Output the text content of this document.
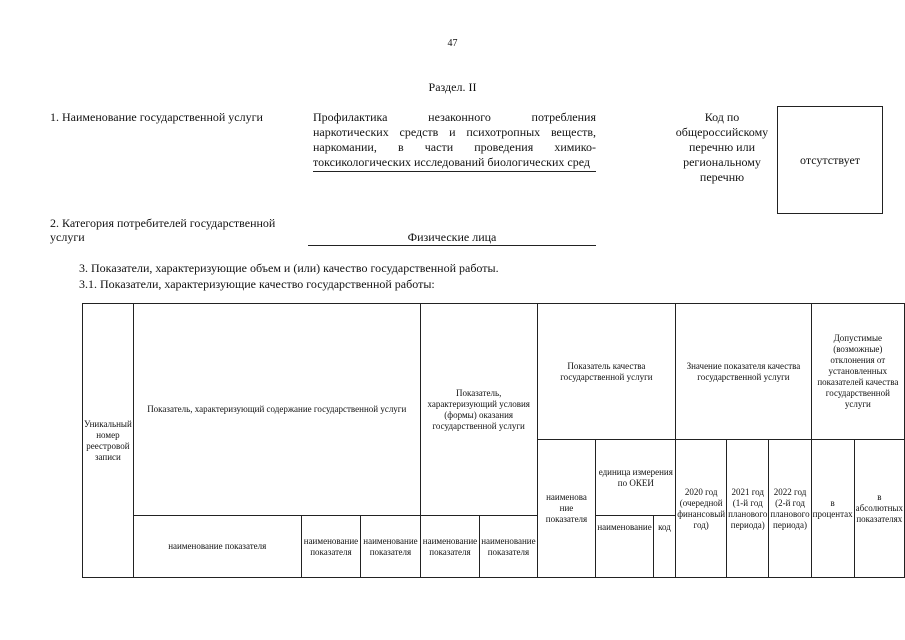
47
Раздел. II
1. Наименование государственной услуги	Профилактика незаконного потребления наркотических средств и психотропных веществ, наркомании, в части проведения химико-токсикологических исследований биологических сред
Код по общероссийскому перечню или региональному перечню
отсутствует
2. Категория потребителей государственной услуги	Физические лица
3. Показатели, характеризующие объем и (или) качество государственной работы.
3.1. Показатели, характеризующие качество государственной работы:
Уникальный номер реестровой записи	Показатель, характеризующий содержание государственной услуги			Показатель, характеризующий условия (формы) оказания государственной услуги		Показатель качества государственной услуги			Значение показателя качества государственной услуги			Допустимые (возможные) отклонения от установленных показателей качества государственной услуги	
						наименова ние показателя	единица измерения по ОКЕИ		2020 год (очередной финансовый год)	2021 год (1-й год планового периода)	2022 год (2-й год планового периода)	в процентах	в абсолютных показателях
	наименование показателя	наименование показателя	наименование показателя	наименование показателя	наименование показателя		наименование	код					
